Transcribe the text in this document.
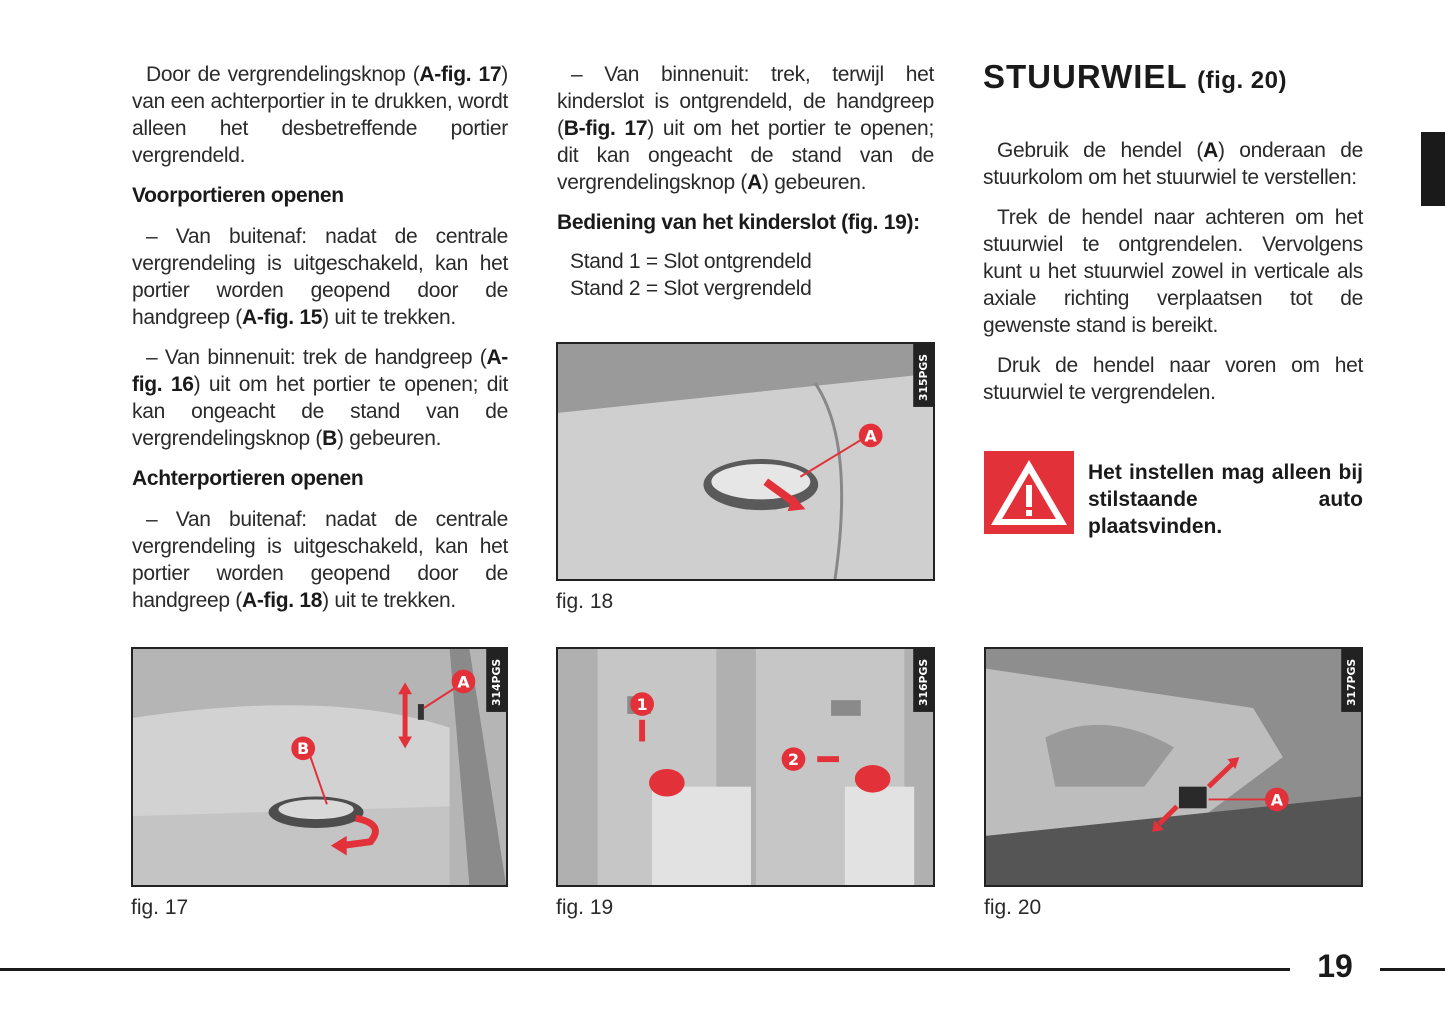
Door de vergrendelingsknop (A-fig. 17) van een achterportier in te drukken, wordt alleen het desbetreffende portier vergrendeld.

Voorportieren openen

– Van buitenaf: nadat de centrale vergrendeling is uitgeschakeld, kan het portier worden geopend door de handgreep (A-fig. 15) uit te trekken.

– Van binnenuit: trek de handgreep (A-fig. 16) uit om het portier te openen; dit kan ongeacht de stand van de vergrendelingsknop (B) gebeuren.

Achterportieren openen

– Van buitenaf: nadat de centrale vergrendeling is uitgeschakeld, kan het portier worden geopend door de handgreep (A-fig. 18) uit te trekken.

– Van binnenuit: trek, terwijl het kinderslot is ontgrendeld, de handgreep (B-fig. 17) uit om het portier te openen; dit kan ongeacht de stand van de vergrendelingsknop (A) gebeuren.

Bediening van het kinderslot (fig. 19):
Stand 1 = Slot ontgrendeld
Stand 2 = Slot vergrendeld
STUURWIEL (fig. 20)

Gebruik de hendel (A) onderaan de stuurkolom om het stuurwiel te verstellen:

Trek de hendel naar achteren om het stuurwiel te ontgrendelen. Vervolgens kunt u het stuurwiel zowel in verticale als axiale richting verplaatsen tot de gewenste stand is bereikt.

Druk de hendel naar voren om het stuurwiel te vergrendelen.

Het instellen mag alleen bij stilstaande auto plaatsvinden.
A
315PGS
fig. 18
A
B
314PGS
fig. 17
1
2
316PGS
fig. 19
A
317PGS
fig. 20
19
